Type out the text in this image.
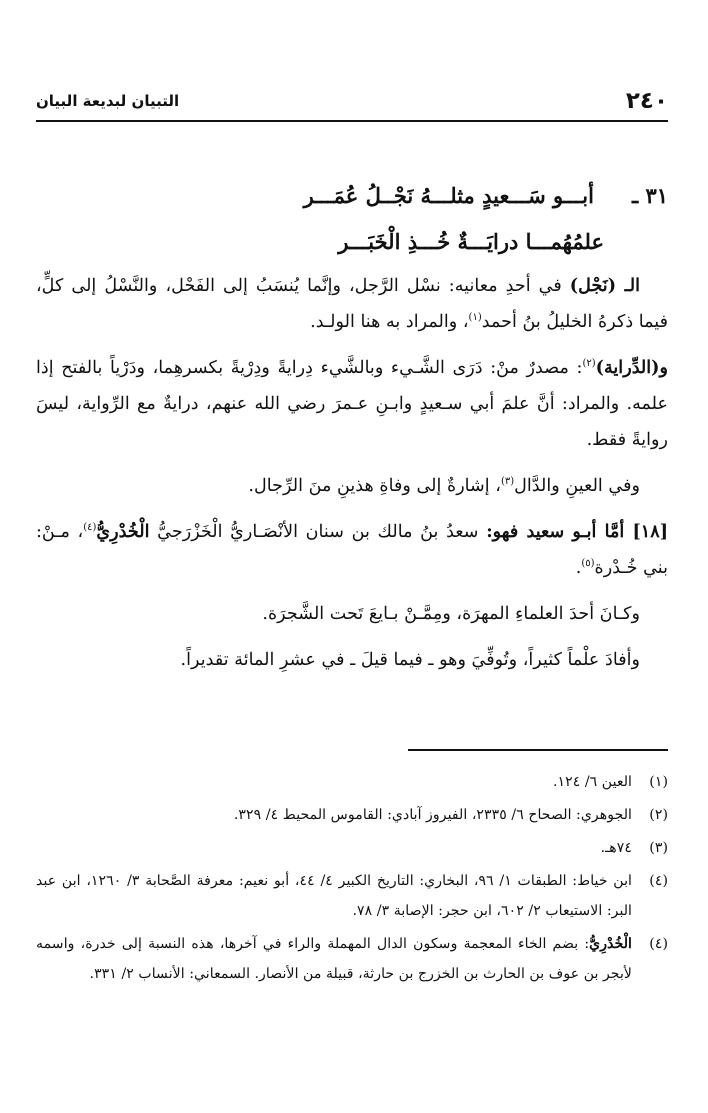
٢٤٠
التبيان لبديعة البيان
٣١ ـأبـــو سَـــعيدٍ مثلـــهُ نَجْــلُ عُمَـــر
علمُهُمـــا درايَـــةٌ خُـــذِ الْخَبَـــر

الـ (نَجْل) في أحدِ معانيه: نسْل الرَّجل، وإنَّما يُنسَبُ إلى الفَحْل، والنَّسْلُ إلى كلٍّ، فيما ذكرهُ الخليلُ بنُ أحمد$^{(١)}$، والمراد به هنا الولـد.

و(الدِّراية)$^{(٢)}$: مصدرٌ منْ: دَرَى الشَّـيء وبالشَّيء دِرايةً ودِرْيةً بكسرهِما، ودَرْياً بالفتح إذا علمه. والمراد: أنَّ علمَ أبي سـعيدٍ وابـنِ عـمرَ رضي الله عنهم، درايةٌ مع الرِّواية، ليسَ روايةً فقط.

وفي العينِ والدَّال$^{(٣)}$، إشارةٌ إلى وفاةِ هذينِ منَ الرِّجال.

[١٨] أمَّا أبـو سعيد فهو: سعدُ بنُ مالك بن سنان الأنْصَـاريُّ الْخَزْرَجيُّ الْخُدْرِيُّ$^{(٤)}$، مـنْ: بني خُـدْرة$^{(٥)}$.

وكـانَ أحدَ العلماءِ المهرَة، ومِمَّـنْ بـايعَ تَحت الشَّجرَة.

وأفادَ علْماً كثيراً، وتُوفِّيَ وهو ـ فيما قيلَ ـ في عشرِ المائة تقديراً.

(١)
العين ٦/ ١٢٤.
(٢)
الجوهري: الصحاح ٦/ ٢٣٣٥، الفيروز آبادي: القاموس المحيط ٤/ ٣٢٩.
(٣)
٧٤هـ.
(٤)
ابن خياط: الطبقات ١/ ٩٦، البخاري: التاريخ الكبير ٤/ ٤٤، أبو نعيم: معرفة الصَّحابة ٣/ ١٢٦٠، ابن عبد البر: الاستيعاب ٢/ ٦٠٢، ابن حجر: الإصابة ٣/ ٧٨.
(٤)
الْخُدْرِيُّ: بضم الخاء المعجمة وسكون الدال المهملة والراء في آخرها، هذه النسبة إلى خدرة، واسمه لأبجر بن عوف بن الحارث بن الخزرج بن حارثة، قبيلة من الأنصار. السمعاني: الأنساب ٢/ ٣٣١.
